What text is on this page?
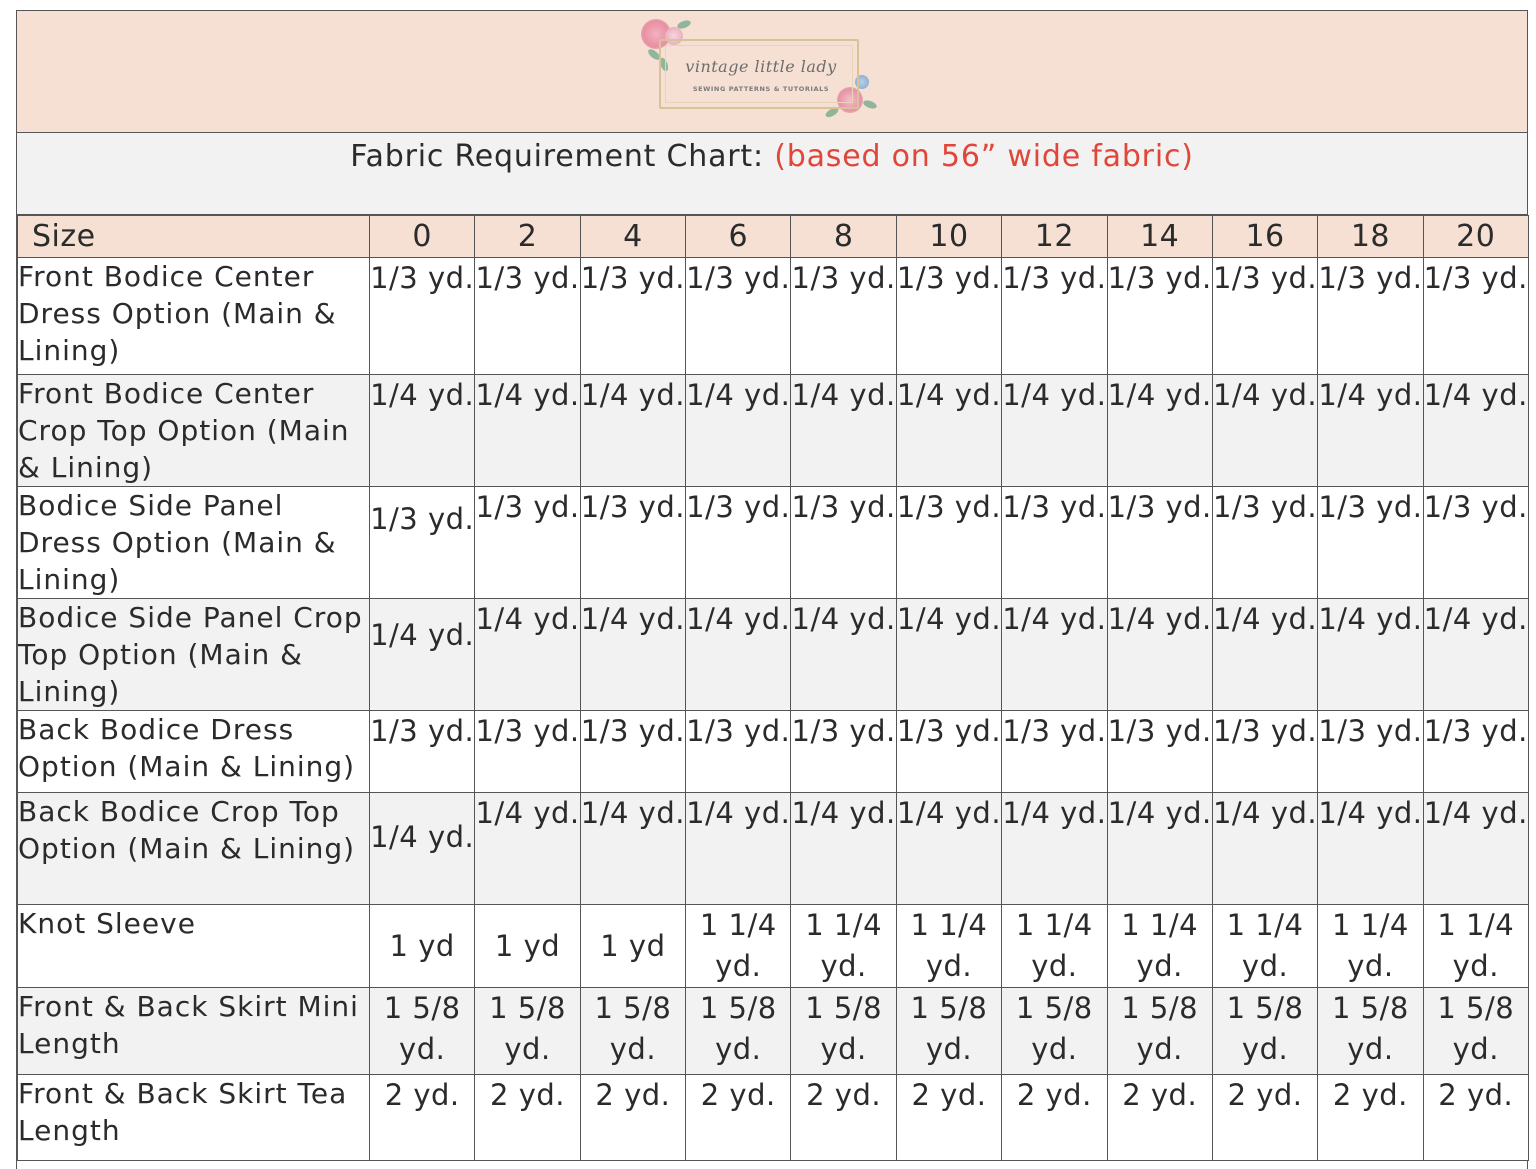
vintage little lady
SEWING PATTERNS & TUTORIALS
Fabric Requirement Chart: (based on 56” wide fabric)
Size	0	2	4	6	8	10	12	14	16	18	20
Front Bodice Center Dress Option (Main & Lining)	1/3 yd.	1/3 yd.	1/3 yd.	1/3 yd.	1/3 yd.	1/3 yd.	1/3 yd.	1/3 yd.	1/3 yd.	1/3 yd.	1/3 yd.
Front Bodice Center Crop Top Option (Main & Lining)	1/4 yd.	1/4 yd.	1/4 yd.	1/4 yd.	1/4 yd.	1/4 yd.	1/4 yd.	1/4 yd.	1/4 yd.	1/4 yd.	1/4 yd.
Bodice Side Panel Dress Option (Main & Lining)	1/3 yd.	1/3 yd.	1/3 yd.	1/3 yd.	1/3 yd.	1/3 yd.	1/3 yd.	1/3 yd.	1/3 yd.	1/3 yd.	1/3 yd.
Bodice Side Panel Crop Top Option (Main & Lining)	1/4 yd.	1/4 yd.	1/4 yd.	1/4 yd.	1/4 yd.	1/4 yd.	1/4 yd.	1/4 yd.	1/4 yd.	1/4 yd.	1/4 yd.
Back Bodice Dress Option (Main & Lining)	1/3 yd.	1/3 yd.	1/3 yd.	1/3 yd.	1/3 yd.	1/3 yd.	1/3 yd.	1/3 yd.	1/3 yd.	1/3 yd.	1/3 yd.
Back Bodice Crop Top Option (Main & Lining)	1/4 yd.	1/4 yd.	1/4 yd.	1/4 yd.	1/4 yd.	1/4 yd.	1/4 yd.	1/4 yd.	1/4 yd.	1/4 yd.	1/4 yd.
Knot Sleeve	1 yd	1 yd	1 yd	1 1/4 yd.	1 1/4 yd.	1 1/4 yd.	1 1/4 yd.	1 1/4 yd.	1 1/4 yd.	1 1/4 yd.	1 1/4 yd.
Front & Back Skirt Mini Length	1 5/8 yd.	1 5/8 yd.	1 5/8 yd.	1 5/8 yd.	1 5/8 yd.	1 5/8 yd.	1 5/8 yd.	1 5/8 yd.	1 5/8 yd.	1 5/8 yd.	1 5/8 yd.
Front & Back Skirt Tea Length	2 yd.	2 yd.	2 yd.	2 yd.	2 yd.	2 yd.	2 yd.	2 yd.	2 yd.	2 yd.	2 yd.
